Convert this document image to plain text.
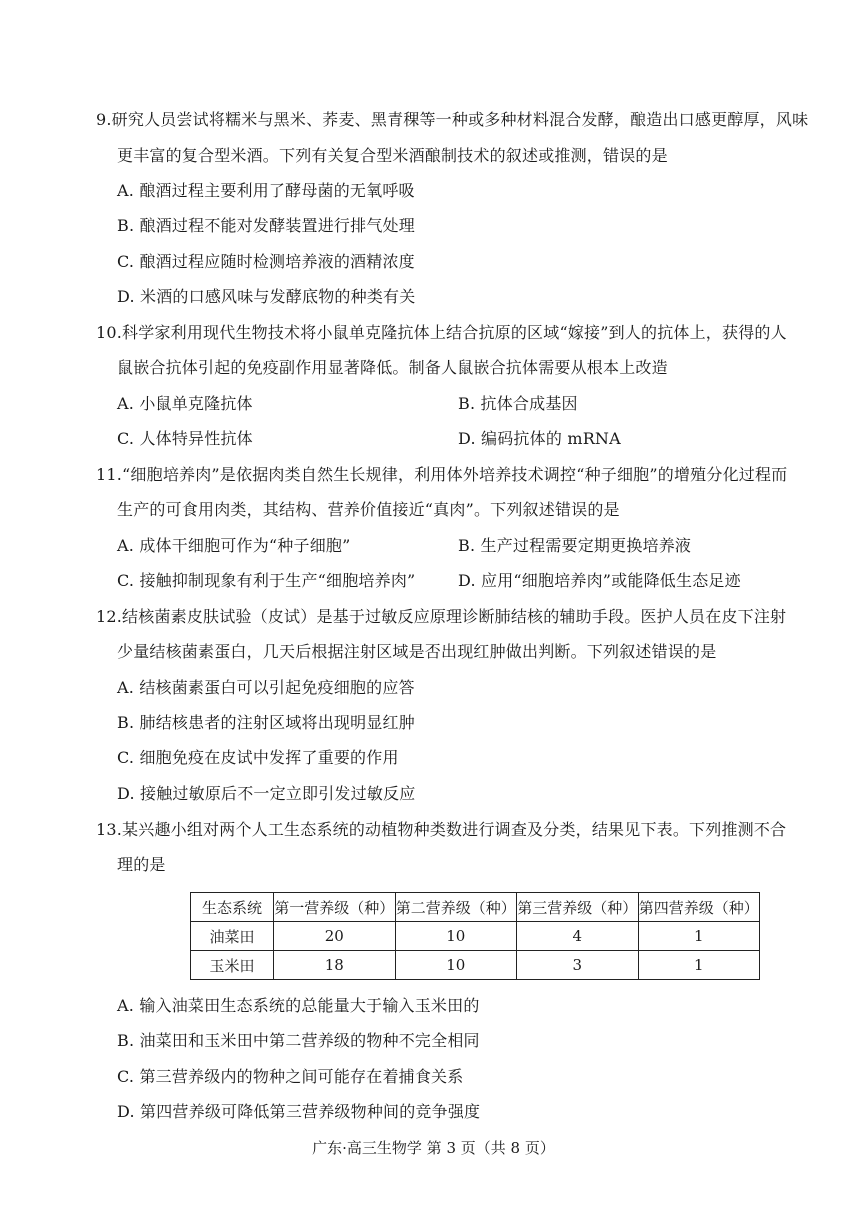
9.研究人员尝试将糯米与黑米、荞麦、黑青稞等一种或多种材料混合发酵，酿造出口感更醇厚，风味
更丰富的复合型米酒。下列有关复合型米酒酿制技术的叙述或推测，错误的是
A. 酿酒过程主要利用了酵母菌的无氧呼吸
B. 酿酒过程不能对发酵装置进行排气处理
C. 酿酒过程应随时检测培养液的酒精浓度
D. 米酒的口感风味与发酵底物的种类有关
10.科学家利用现代生物技术将小鼠单克隆抗体上结合抗原的区域“嫁接”到人的抗体上，获得的人
鼠嵌合抗体引起的免疫副作用显著降低。制备人鼠嵌合抗体需要从根本上改造
A. 小鼠单克隆抗体	B. 抗体合成基因
C. 人体特异性抗体	D. 编码抗体的 mRNA
11.“细胞培养肉”是依据肉类自然生长规律，利用体外培养技术调控“种子细胞”的增殖分化过程而
生产的可食用肉类，其结构、营养价值接近“真肉”。下列叙述错误的是
A. 成体干细胞可作为“种子细胞”	B. 生产过程需要定期更换培养液
C. 接触抑制现象有利于生产“细胞培养肉”	D. 应用“细胞培养肉”或能降低生态足迹
12.结核菌素皮肤试验（皮试）是基于过敏反应原理诊断肺结核的辅助手段。医护人员在皮下注射
少量结核菌素蛋白，几天后根据注射区域是否出现红肿做出判断。下列叙述错误的是
A. 结核菌素蛋白可以引起免疫细胞的应答
B. 肺结核患者的注射区域将出现明显红肿
C. 细胞免疫在皮试中发挥了重要的作用
D. 接触过敏原后不一定立即引发过敏反应
13.某兴趣小组对两个人工生态系统的动植物种类数进行调查及分类，结果见下表。下列推测不合
理的是
生态系统	第一营养级（种）	第二营养级（种）	第三营养级（种）	第四营养级（种）
油菜田	20	10	4	1
玉米田	18	10	3	1
A. 输入油菜田生态系统的总能量大于输入玉米田的
B. 油菜田和玉米田中第二营养级的物种不完全相同
C. 第三营养级内的物种之间可能存在着捕食关系
D. 第四营养级可降低第三营养级物种间的竞争强度
广东·高三生物学 第 3 页（共 8 页）
